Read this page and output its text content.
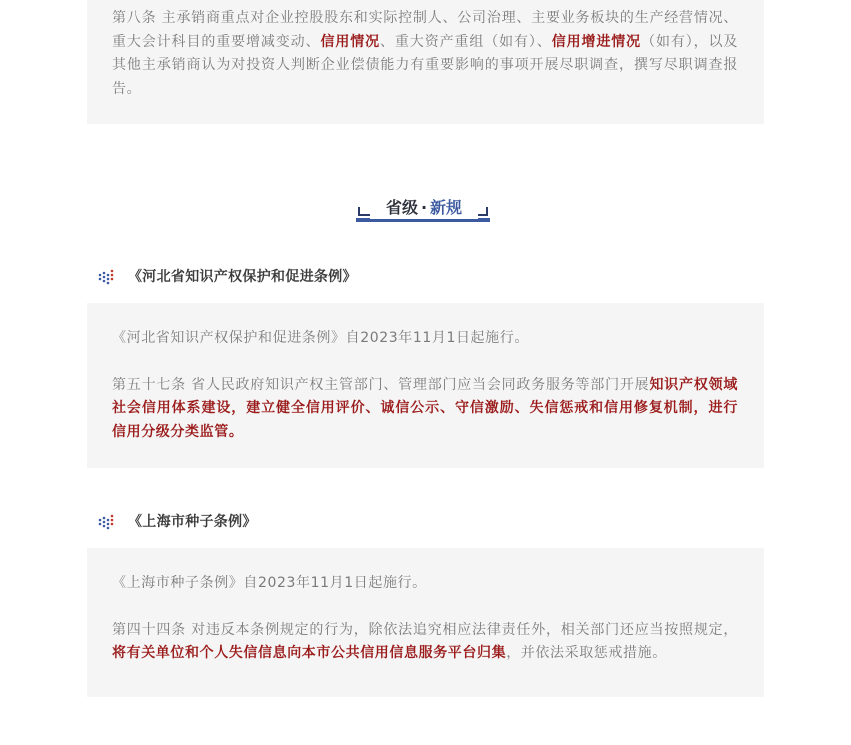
第八条 主承销商重点对企业控股股东和实际控制人、公司治理、主要业务板块的生产经营情况、重大会计科目的重要增减变动、信用情况、重大资产重组（如有）、信用增进情况（如有），以及其他主承销商认为对投资人判断企业偿债能力有重要影响的事项开展尽职调查，撰写尽职调查报告。

省级 · 新规
《河北省知识产权保护和促进条例》

《河北省知识产权保护和促进条例》自2023年11月1日起施行。

第五十七条 省人民政府知识产权主管部门、管理部门应当会同政务服务等部门开展知识产权领域社会信用体系建设，建立健全信用评价、诚信公示、守信激励、失信惩戒和信用修复机制，进行信用分级分类监管。

《上海市种子条例》

《上海市种子条例》自2023年11月1日起施行。

第四十四条 对违反本条例规定的行为，除依法追究相应法律责任外，相关部门还应当按照规定，将有关单位和个人失信信息向本市公共信用信息服务平台归集，并依法采取惩戒措施。
